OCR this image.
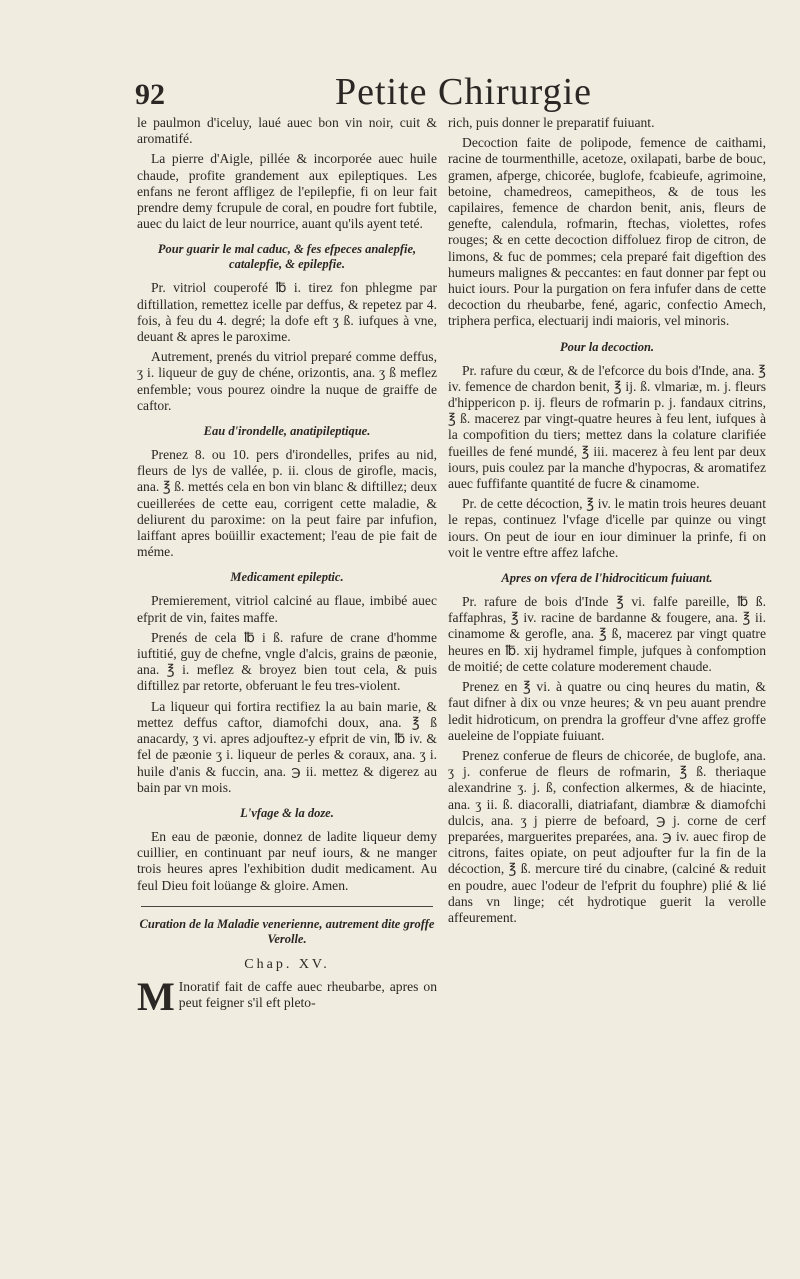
92	Petite Chirurgie

le paulmon d'iceluy, laué auec bon vin noir, cuit & aromatifé.

La pierre d'Aigle, pillée & incorporée auec huile chaude, profite grandement aux epileptiques. Les enfans ne feront affligez de l'epilepfie, fi on leur fait prendre demy fcrupule de coral, en poudre fort fubtile, auec du laict de leur nourrice, auant qu'ils ayent teté.

Pour guarir le mal caduc, & fes efpeces analepfie, catalepfie, & epilepfie.

Pr. vitriol couperofé ℔ i. tirez fon phlegme par diftillation, remettez icelle par deffus, & repetez par 4. fois, à feu du 4. degré; la dofe eft ʒ ß. iufques à vne, deuant & apres le paroxime.

Autrement, prenés du vitriol preparé comme deffus, ʒ i. liqueur de guy de chéne, orizontis, ana. ʒ ß meflez enfemble; vous pourez oindre la nuque de graiffe de caftor.

Eau d'irondelle, anatipileptique.

Prenez 8. ou 10. pers d'irondelles, prifes au nid, fleurs de lys de vallée, p. ii. clous de girofle, macis, ana. ℥ ß. mettés cela en bon vin blanc & diftillez; deux cueillerées de cette eau, corrigent cette maladie, & deliurent du paroxime: on la peut faire par infufion, laiffant apres boüillir exactement; l'eau de pie fait de méme.

Medicament epileptic.

Premierement, vitriol calciné au flaue, imbibé auec efprit de vin, faites maffe.

Prenés de cela ℔ i ß. rafure de crane d'homme iuftitié, guy de chefne, vngle d'alcis, grains de pæonie, ana. ℥ i. meflez & broyez bien tout cela, & puis diftillez par retorte, obferuant le feu tres-violent.

La liqueur qui fortira rectifiez la au bain marie, & mettez deffus caftor, diamofchi doux, ana. ℥ ß anacardy, ʒ vi. apres adjouftez-y efprit de vin, ℔ iv. & fel de pæonie ʒ i. liqueur de perles & coraux, ana. ʒ i. huile d'anis & fuccin, ana. ℈ ii. mettez & digerez au bain par vn mois.

L'vfage & la doze.

En eau de pæonie, donnez de ladite liqueur demy cuillier, en continuant par neuf iours, & ne manger trois heures apres l'exhibition dudit medicament. Au feul Dieu foit loüange & gloire. Amen.

Curation de la Maladie venerienne, autrement dite groffe Verolle.
Chap. XV.

M Inoratif fait de caffe auec rheubarbe, apres on peut feigner s'il eft pleto-

rich, puis donner le preparatif fuiuant.

Decoction faite de polipode, femence de caithami, racine de tourmenthille, acetoze, oxilapati, barbe de bouc, gramen, afperge, chicorée, buglofe, fcabieufe, agrimoine, betoine, chamedreos, camepitheos, & de tous les capilaires, femence de chardon benit, anis, fleurs de genefte, calendula, rofmarin, ftechas, violettes, rofes rouges; & en cette decoction diffoluez firop de citron, de limons, & fuc de pommes; cela preparé fait digeftion des humeurs malignes & peccantes: en faut donner par fept ou huict iours. Pour la purgation on fera infufer dans de cette decoction du rheubarbe, fené, agaric, confectio Amech, triphera perfica, electuarij indi maioris, vel minoris.

Pour la decoction.

Pr. rafure du cœur, & de l'efcorce du bois d'Inde, ana. ℥ iv. femence de chardon benit, ℥ ij. ß. vlmariæ, m. j. fleurs d'hippericon p. ij. fleurs de rofmarin p. j. fandaux citrins, ℥ ß. macerez par vingt-quatre heures à feu lent, iufques à la compofition du tiers; mettez dans la colature clarifiée fueilles de fené mundé, ℥ iii. macerez à feu lent par deux iours, puis coulez par la manche d'hypocras, & aromatifez auec fuffifante quantité de fucre & cinamome.

Pr. de cette décoction, ℥ iv. le matin trois heures deuant le repas, continuez l'vfage d'icelle par quinze ou vingt iours. On peut de iour en iour diminuer la prinfe, fi on voit le ventre eftre affez lafche.

Apres on vfera de l'hidrociticum fuiuant.

Pr. rafure de bois d'Inde ℥ vi. falfe pareille, ℔ ß. faffaphras, ℥ iv. racine de bardanne & fougere, ana. ℥ ii. cinamome & gerofle, ana. ℥ ß, macerez par vingt quatre heures en ℔. xij hydramel fimple, jufques à confomption de moitié; de cette colature moderement chaude.

Prenez en ℥ vi. à quatre ou cinq heures du matin, & faut difner à dix ou vnze heures; & vn peu auant prendre ledit hidroticum, on prendra la groffeur d'vne affez groffe aueleine de l'oppiate fuiuant.

Prenez conferue de fleurs de chicorée, de buglofe, ana. ʒ j. conferue de fleurs de rofmarin, ℥ ß. theriaque alexandrine ʒ. j. ß, confection alkermes, & de hiacinte, ana. ʒ ii. ß. diacoralli, diatriafant, diambræ & diamofchi dulcis, ana. ʒ j pierre de befoard, ℈ j. corne de cerf preparées, marguerites preparées, ana. ℈ iv. auec firop de citrons, faites opiate, on peut adjoufter fur la fin de la décoction, ℥ ß. mercure tiré du cinabre, (calciné & reduit en poudre, auec l'odeur de l'efprit du fouphre) plié & lié dans vn linge; cét hydrotique guerit la verolle affeurement.
